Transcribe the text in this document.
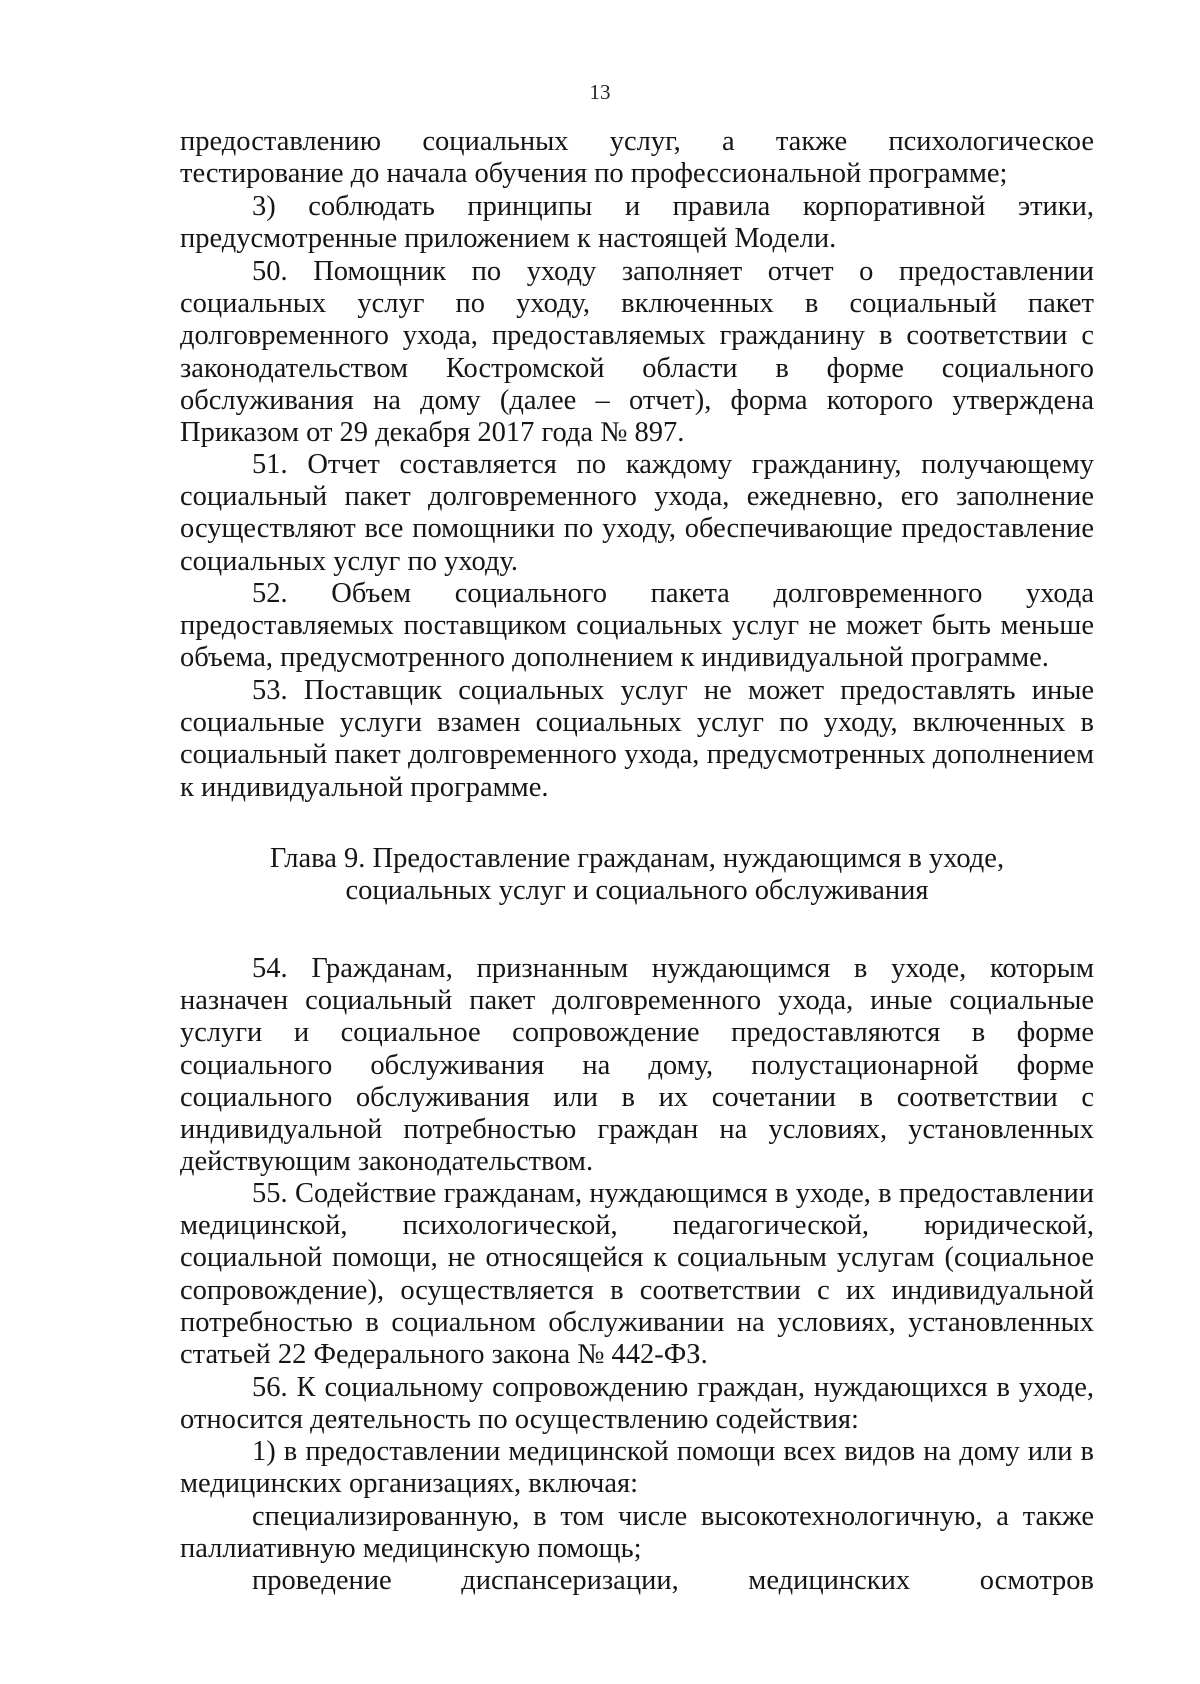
13

предоставлению социальных услуг, а также психологическое тестирование до начала обучения по профессиональной программе;

3) соблюдать принципы и правила корпоративной этики, предусмотренные приложением к настоящей Модели.

50. Помощник по уходу заполняет отчет о предоставлении социальных услуг по уходу, включенных в социальный пакет долговременного ухода, предоставляемых гражданину в соответствии с законодательством Костромской области в форме социального обслуживания на дому (далее – отчет), форма которого утверждена Приказом от 29 декабря 2017 года № 897.

51. Отчет составляется по каждому гражданину, получающему социальный пакет долговременного ухода, ежедневно, его заполнение осуществляют все помощники по уходу, обеспечивающие предоставление социальных услуг по уходу.

52. Объем социального пакета долговременного ухода предоставляемых поставщиком социальных услуг не может быть меньше объема, предусмотренного дополнением к индивидуальной программе.

53. Поставщик социальных услуг не может предоставлять иные социальные услуги взамен социальных услуг по уходу, включенных в социальный пакет долговременного ухода, предусмотренных дополнением к индивидуальной программе.

Глава 9. Предоставление гражданам, нуждающимся в уходе,
социальных услуг и социального обслуживания

54. Гражданам, признанным нуждающимся в уходе, которым назначен социальный пакет долговременного ухода, иные социальные услуги и социальное сопровождение предоставляются в форме социального обслуживания на дому, полустационарной форме социального обслуживания или в их сочетании в соответствии с индивидуальной потребностью граждан на условиях, установленных действующим законодательством.

55. Содействие гражданам, нуждающимся в уходе, в предоставлении медицинской, психологической, педагогической, юридической, социальной помощи, не относящейся к социальным услугам (социальное сопровождение), осуществляется в соответствии с их индивидуальной потребностью в социальном обслуживании на условиях, установленных статьей 22 Федерального закона № 442-ФЗ.

56. К социальному сопровождению граждан, нуждающихся в уходе, относится деятельность по осуществлению содействия:

1) в предоставлении медицинской помощи всех видов на дому или в медицинских организациях, включая:

специализированную, в том числе высокотехнологичную, а также паллиативную медицинскую помощь;

проведение диспансеризации, медицинских осмотров
